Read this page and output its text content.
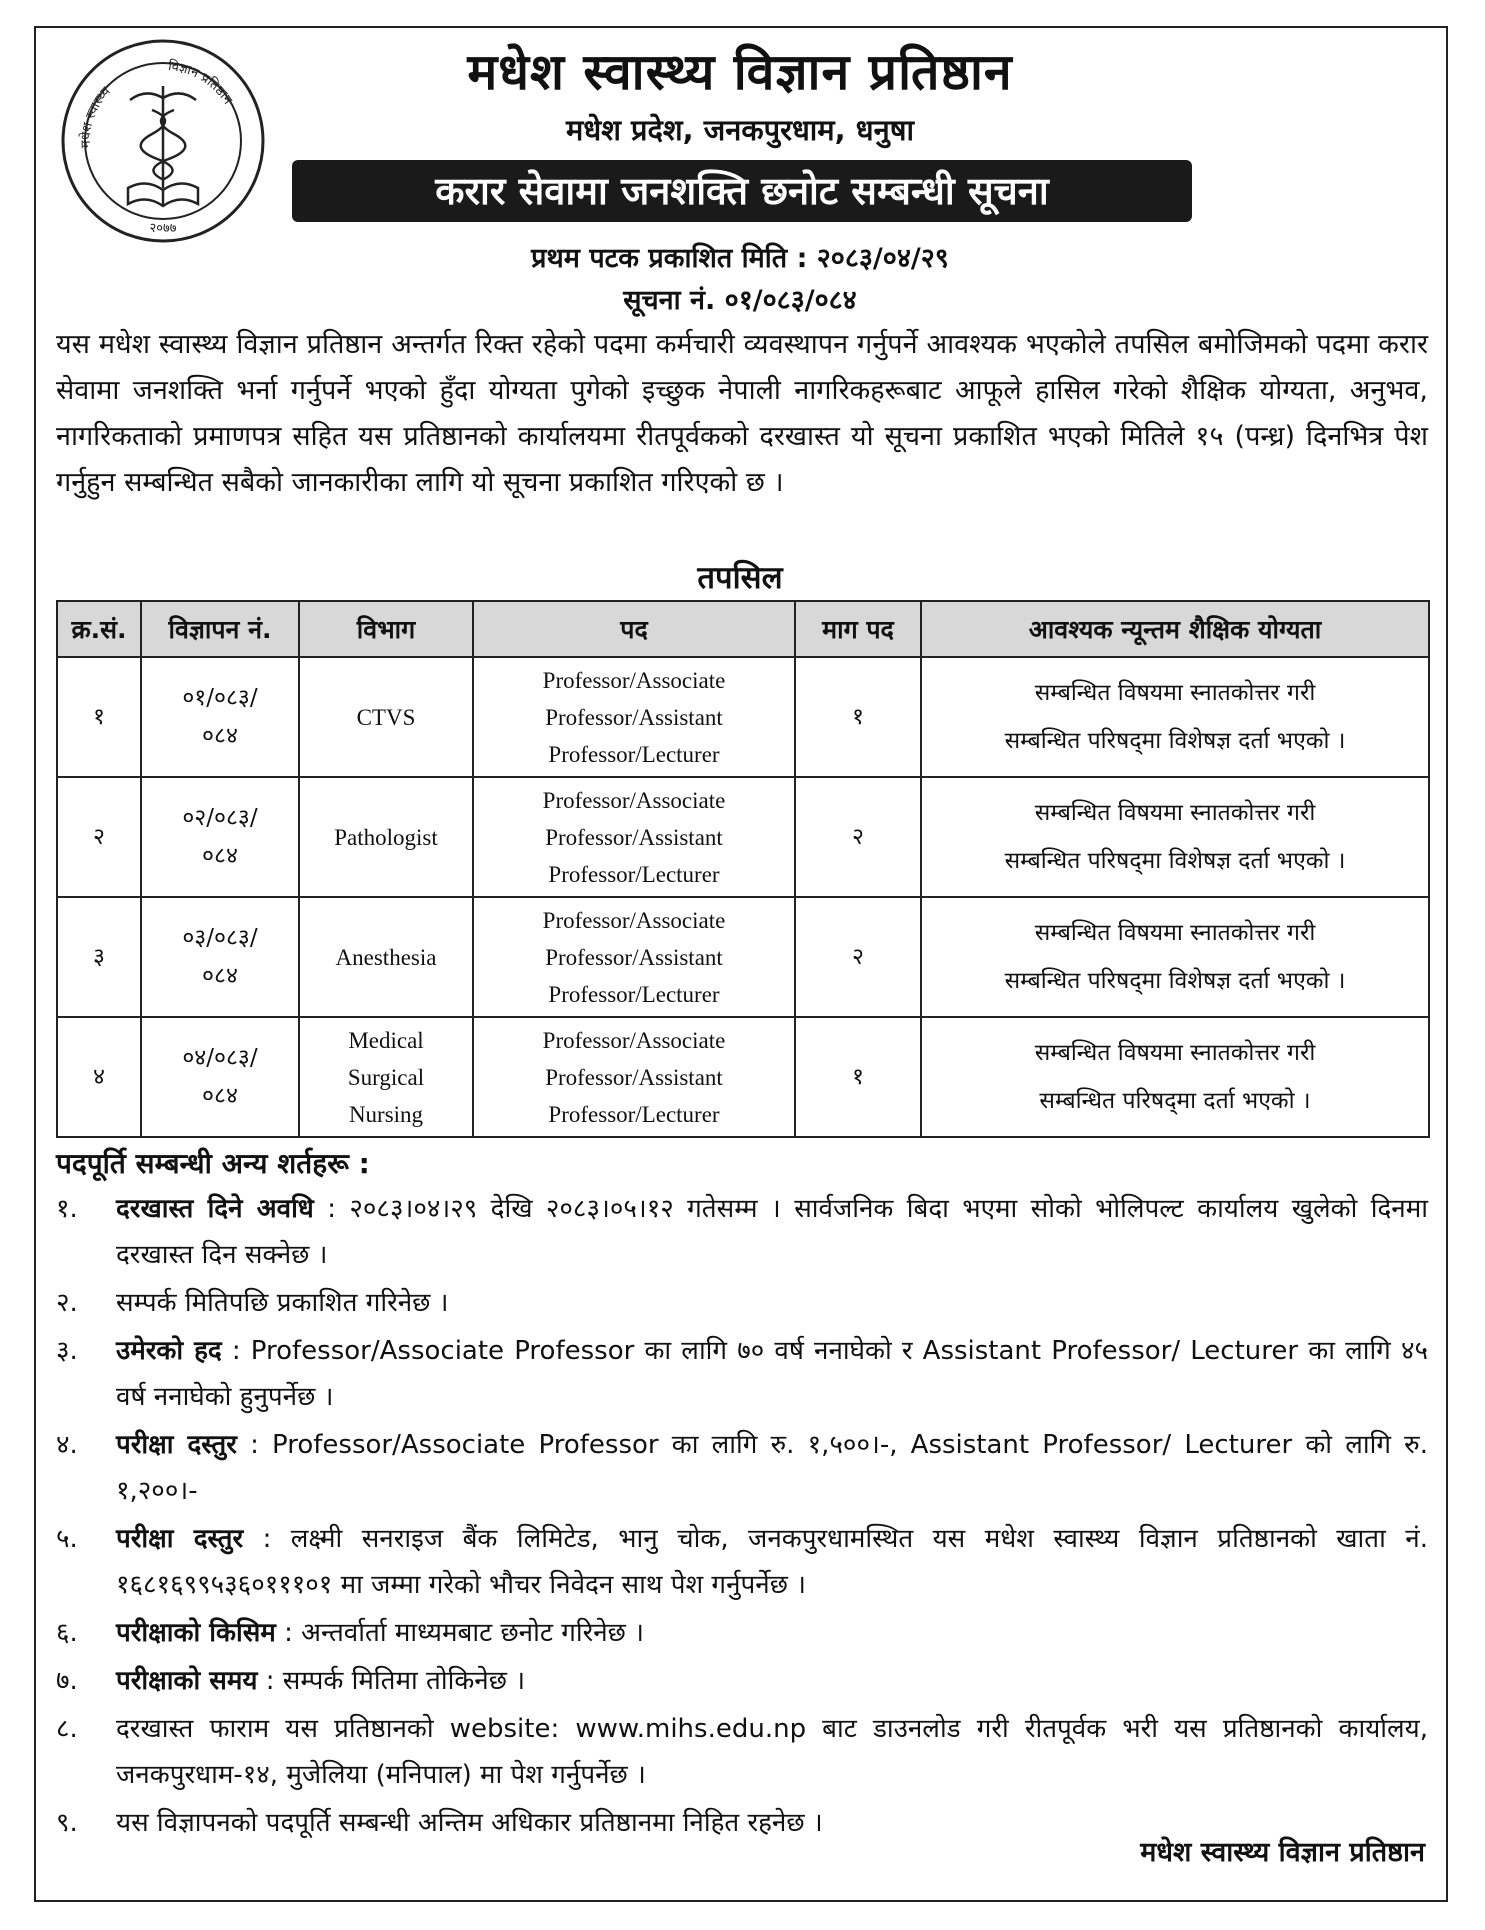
मधेश स्वास्थ्य
विज्ञान प्रतिष्ठान
२०७७
मधेश स्वास्थ्य विज्ञान प्रतिष्ठान
मधेश प्रदेश, जनकपुरधाम, धनुषा
करार सेवामा जनशक्ति छनोट सम्बन्धी सूचना
प्रथम पटक प्रकाशित मिति : २०८३/०४/२९
सूचना नं. ०१/०८३/०८४

यस मधेश स्वास्थ्य विज्ञान प्रतिष्ठान अन्तर्गत रिक्त रहेको पदमा कर्मचारी व्यवस्थापन गर्नुपर्ने आवश्यक भएकोले तपसिल बमोजिमको पदमा करार सेवामा जनशक्ति भर्ना गर्नुपर्ने भएको हुँदा योग्यता पुगेको इच्छुक नेपाली नागरिकहरूबाट आफूले हासिल गरेको शैक्षिक योग्यता, अनुभव, नागरिकताको प्रमाणपत्र सहित यस प्रतिष्ठानको कार्यालयमा रीतपूर्वकको दरखास्त यो सूचना प्रकाशित भएको मितिले १५ (पन्ध्र) दिनभित्र पेश गर्नुहुन सम्बन्धित सबैको जानकारीका लागि यो सूचना प्रकाशित गरिएको छ ।

तपसिल
क्र.सं.	विज्ञापन नं.	विभाग	पद	माग पद	आवश्यक न्यून्तम शैक्षिक योग्यता
१	०१/०८३/
०८४	CTVS	Professor/Associate
Professor/Assistant
Professor/Lecturer	१	सम्बन्धित विषयमा स्नातकोत्तर गरी
सम्बन्धित परिषद्‌मा विशेषज्ञ दर्ता भएको ।
२	०२/०८३/
०८४	Pathologist	Professor/Associate
Professor/Assistant
Professor/Lecturer	२	सम्बन्धित विषयमा स्नातकोत्तर गरी
सम्बन्धित परिषद्‌मा विशेषज्ञ दर्ता भएको ।
३	०३/०८३/
०८४	Anesthesia	Professor/Associate
Professor/Assistant
Professor/Lecturer	२	सम्बन्धित विषयमा स्नातकोत्तर गरी
सम्बन्धित परिषद्‌मा विशेषज्ञ दर्ता भएको ।
४	०४/०८३/
०८४	Medical
Surgical
Nursing	Professor/Associate
Professor/Assistant
Professor/Lecturer	१	सम्बन्धित विषयमा स्नातकोत्तर गरी
सम्बन्धित परिषद्‌मा दर्ता भएको ।
पदपूर्ति सम्बन्धी अन्य शर्तहरू :
१. दरखास्त दिने अवधि : २०८३।०४।२९ देखि २०८३।०५।१२ गतेसम्म । सार्वजनिक बिदा भएमा सोको भोलिपल्ट कार्यालय खुलेको दिनमा दरखास्त दिन सक्नेछ ।
२. सम्पर्क मितिपछि प्रकाशित गरिनेछ ।
३. उमेरको हद : Professor/Associate Professor का लागि ७० वर्ष ननाघेको र Assistant Professor/ Lecturer का लागि ४५ वर्ष ननाघेको हुनुपर्नेछ ।
४. परीक्षा दस्तुर : Professor/Associate Professor का लागि रु. १,५००।-, Assistant Professor/ Lecturer को लागि रु. १,२००।-
५. परीक्षा दस्तुर : लक्ष्मी सनराइज बैंक लिमिटेड, भानु चोक, जनकपुरधामस्थित यस मधेश स्वास्थ्य विज्ञान प्रतिष्ठानको खाता नं. १६८१६९९५३६०१११०१ मा जम्मा गरेको भौचर निवेदन साथ पेश गर्नुपर्नेछ ।
६. परीक्षाको किसिम : अन्तर्वार्ता माध्यमबाट छनोट गरिनेछ ।
७. परीक्षाको समय : सम्पर्क मितिमा तोकिनेछ ।
८. दरखास्त फाराम यस प्रतिष्ठानको website: www.mihs.edu.np बाट डाउनलोड गरी रीतपूर्वक भरी यस प्रतिष्ठानको कार्यालय, जनकपुरधाम-१४, मुजेलिया (मनिपाल) मा पेश गर्नुपर्नेछ ।
९. यस विज्ञापनको पदपूर्ति सम्बन्धी अन्तिम अधिकार प्रतिष्ठानमा निहित रहनेछ ।
मधेश स्वास्थ्य विज्ञान प्रतिष्ठान
